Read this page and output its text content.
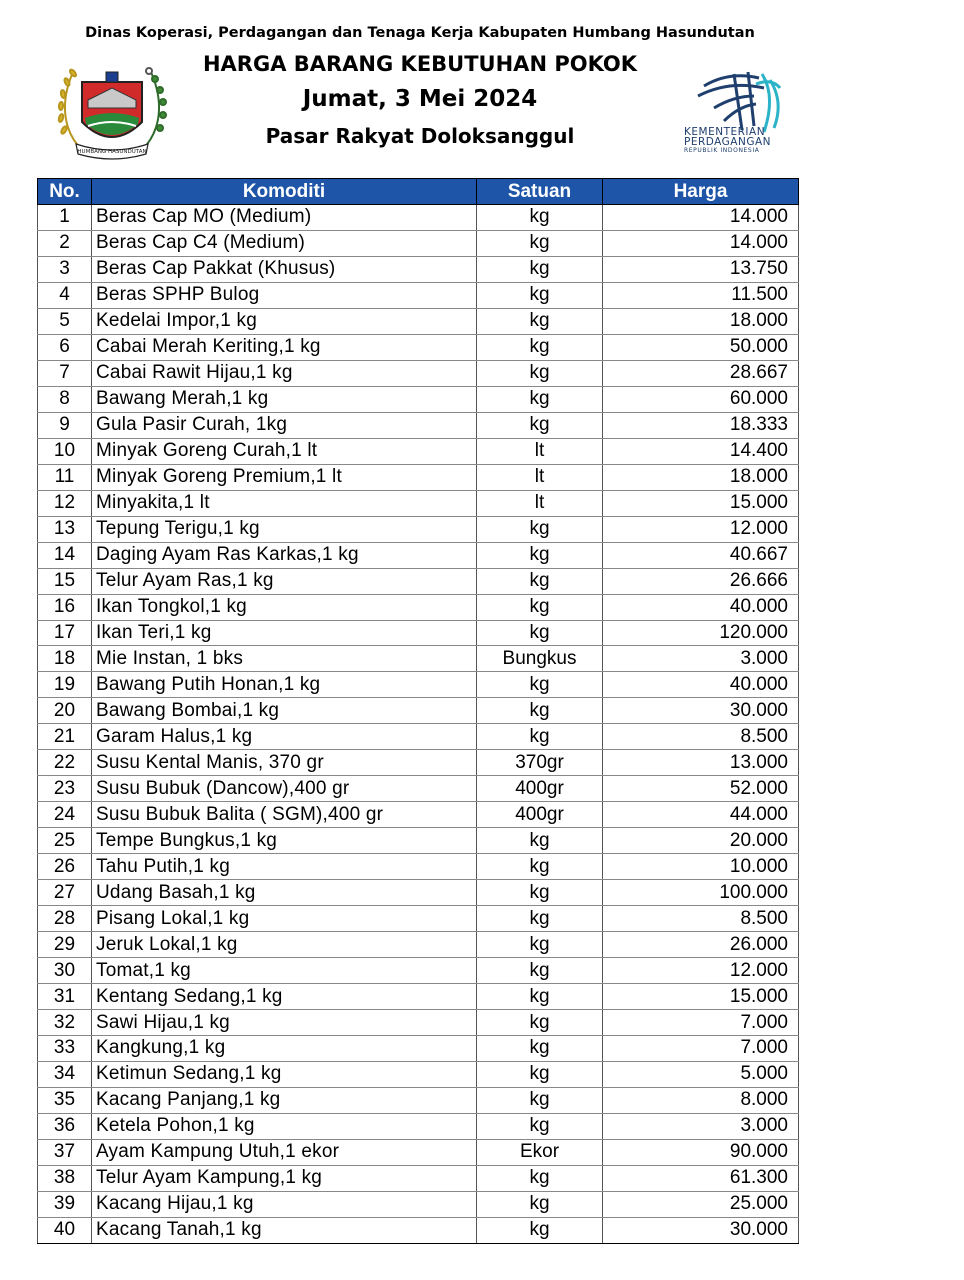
Dinas Koperasi, Perdagangan dan Tenaga Kerja Kabupaten Humbang Hasundutan
HARGA BARANG KEBUTUHAN POKOK
Jumat, 3 Mei 2024
Pasar Rakyat Doloksanggul
HUMBANG HASUNDUTAN
KEMENTERIAN
PERDAGANGAN
REPUBLIK INDONESIA
No.	Komoditi	Satuan	Harga
1	Beras Cap MO (Medium)	kg	14.000
2	Beras Cap C4 (Medium)	kg	14.000
3	Beras Cap Pakkat (Khusus)	kg	13.750
4	Beras SPHP Bulog	kg	11.500
5	Kedelai Impor,1 kg	kg	18.000
6	Cabai Merah Keriting,1 kg	kg	50.000
7	Cabai Rawit Hijau,1 kg	kg	28.667
8	Bawang Merah,1 kg	kg	60.000
9	Gula Pasir Curah, 1kg	kg	18.333
10	Minyak Goreng Curah,1 lt	lt	14.400
11	Minyak Goreng Premium,1 lt	lt	18.000
12	Minyakita,1 lt	lt	15.000
13	Tepung Terigu,1 kg	kg	12.000
14	Daging Ayam Ras Karkas,1 kg	kg	40.667
15	Telur Ayam Ras,1 kg	kg	26.666
16	Ikan Tongkol,1 kg	kg	40.000
17	Ikan Teri,1 kg	kg	120.000
18	Mie Instan, 1 bks	Bungkus	3.000
19	Bawang Putih Honan,1 kg	kg	40.000
20	Bawang Bombai,1 kg	kg	30.000
21	Garam Halus,1 kg	kg	8.500
22	Susu Kental Manis, 370 gr	370gr	13.000
23	Susu Bubuk (Dancow),400 gr	400gr	52.000
24	Susu Bubuk Balita ( SGM),400 gr	400gr	44.000
25	Tempe Bungkus,1 kg	kg	20.000
26	Tahu Putih,1 kg	kg	10.000
27	Udang Basah,1 kg	kg	100.000
28	Pisang Lokal,1 kg	kg	8.500
29	Jeruk Lokal,1 kg	kg	26.000
30	Tomat,1 kg	kg	12.000
31	Kentang Sedang,1 kg	kg	15.000
32	Sawi Hijau,1 kg	kg	7.000
33	Kangkung,1 kg	kg	7.000
34	Ketimun Sedang,1 kg	kg	5.000
35	Kacang Panjang,1 kg	kg	8.000
36	Ketela Pohon,1 kg	kg	3.000
37	Ayam Kampung Utuh,1 ekor	Ekor	90.000
38	Telur Ayam Kampung,1 kg	kg	61.300
39	Kacang Hijau,1 kg	kg	25.000
40	Kacang Tanah,1 kg	kg	30.000
